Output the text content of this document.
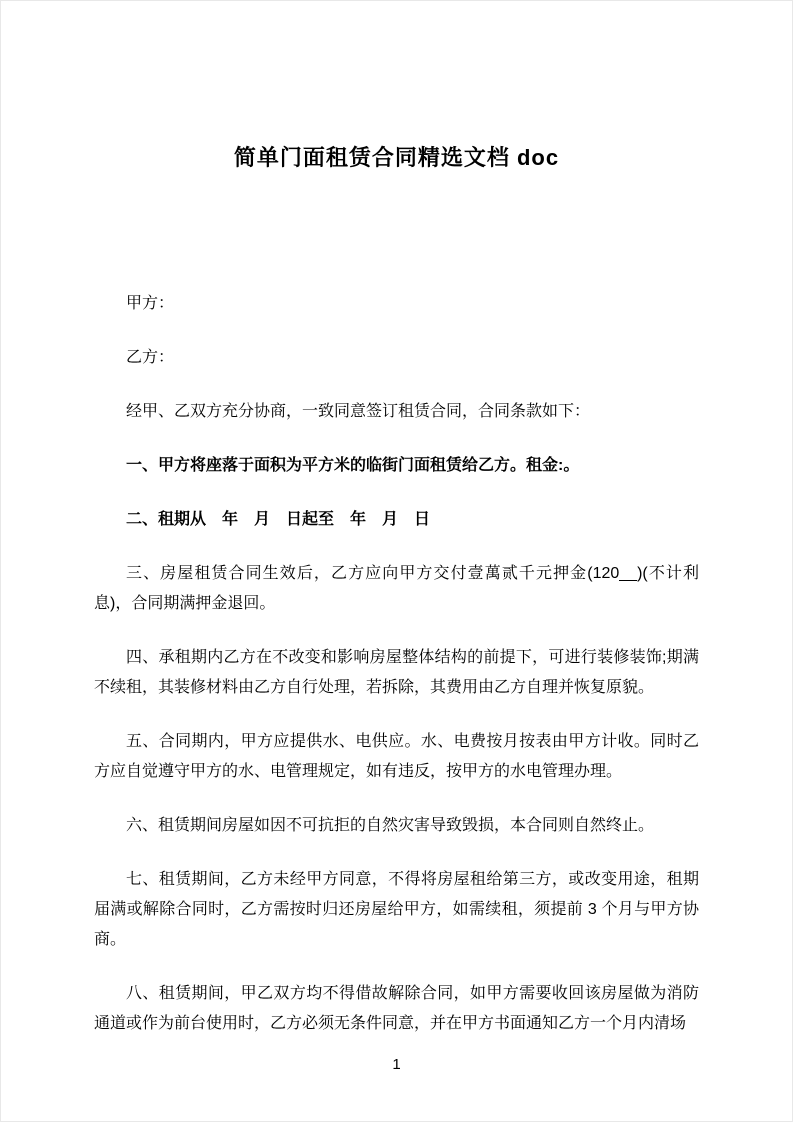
简单门面租赁合同精选文档 doc

甲方：

乙方：

经甲、乙双方充分协商，一致同意签订租赁合同，合同条款如下：

一、甲方将座落于面积为平方米的临街门面租赁给乙方。租金:。

二、租期从　年　月　日起至　年　月　日

三、房屋租赁合同生效后，乙方应向甲方交付壹萬贰千元押金(120__)(不计利息)，合同期满押金退回。

四、承租期内乙方在不改变和影响房屋整体结构的前提下，可进行装修装饰;期满不续租，其装修材料由乙方自行处理，若拆除，其费用由乙方自理并恢复原貌。

五、合同期内，甲方应提供水、电供应。水、电费按月按表由甲方计收。同时乙方应自觉遵守甲方的水、电管理规定，如有违反，按甲方的水电管理办理。

六、租赁期间房屋如因不可抗拒的自然灾害导致毁损，本合同则自然终止。

七、租赁期间，乙方未经甲方同意，不得将房屋租给第三方，或改变用途，租期届满或解除合同时，乙方需按时归还房屋给甲方，如需续租，须提前 3 个月与甲方协商。

八、租赁期间，甲乙双方均不得借故解除合同，如甲方需要收回该房屋做为消防通道或作为前台使用时，乙方必须无条件同意，并在甲方书面通知乙方一个月内清场

1
